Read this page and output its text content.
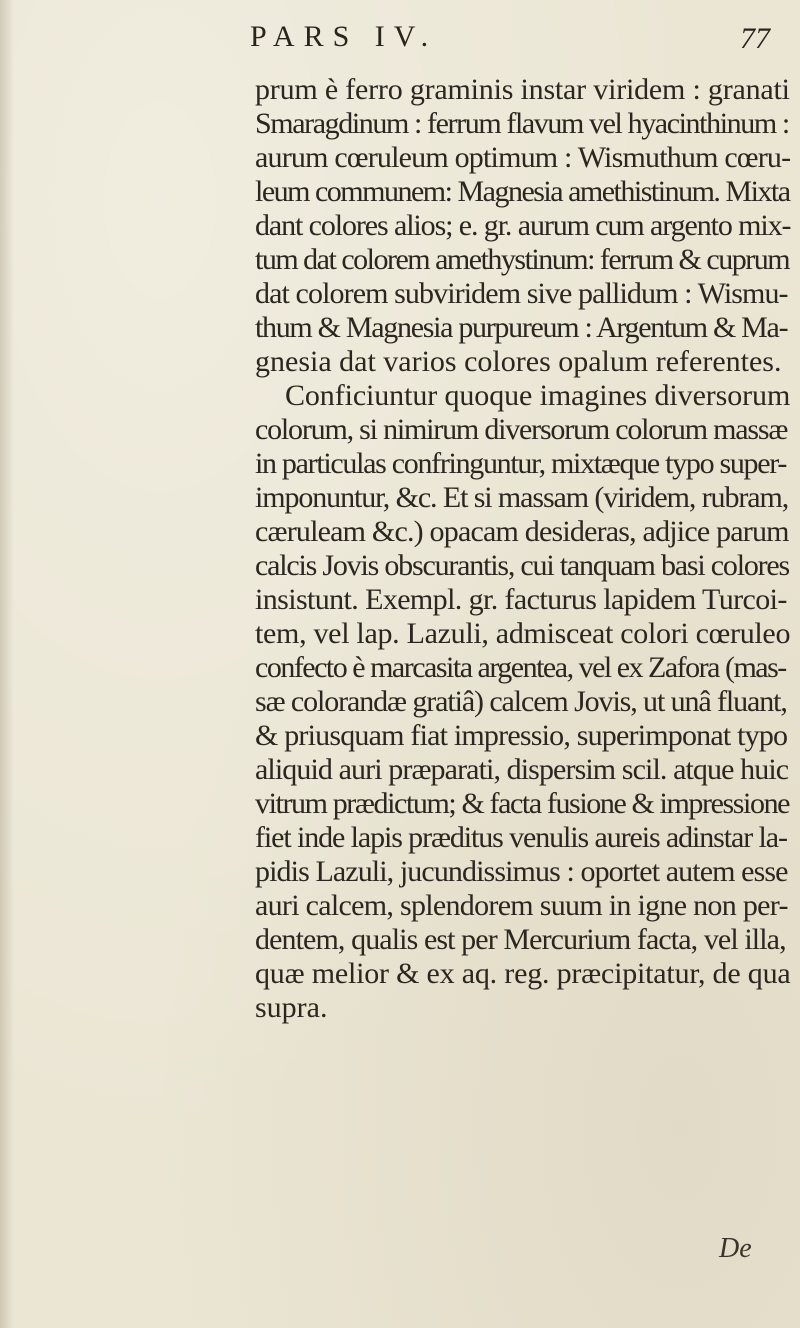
PARS IV.	77
prum è ferro graminis instar viridem : granati
Smaragdinum : ferrum flavum vel hyacinthinum :
aurum cœruleum optimum : Wismuthum cœru-
leum communem: Magnesia amethistinum. Mixta
dant colores alios; e. gr. aurum cum argento mix-
tum dat colorem amethystinum: ferrum & cuprum
dat colorem subviridem sive pallidum : Wismu-
thum & Magnesia purpureum : Argentum & Ma-
gnesia dat varios colores opalum referentes.
Conficiuntur quoque imagines diversorum
colorum, si nimirum diversorum colorum massæ
in particulas confringuntur, mixtæque typo super-
imponuntur, &c. Et si massam (viridem, rubram,
cæruleam &c.) opacam desideras, adjice parum
calcis Jovis obscurantis, cui tanquam basi colores
insistunt. Exempl. gr. facturus lapidem Turcoi-
tem, vel lap. Lazuli, admisceat colori cœruleo
confecto è marcasita argentea, vel ex Zafora (mas-
sæ colorandæ gratiâ) calcem Jovis, ut unâ fluant,
& priusquam fiat impressio, superimponat typo
aliquid auri præparati, dispersim scil. atque huic
vitrum prædictum; & facta fusione & impressione
fiet inde lapis præditus venulis aureis adinstar la-
pidis Lazuli, jucundissimus : oportet autem esse
auri calcem, splendorem suum in igne non per-
dentem, qualis est per Mercurium facta, vel illa,
quæ melior & ex aq. reg. præcipitatur, de qua
supra.
De
